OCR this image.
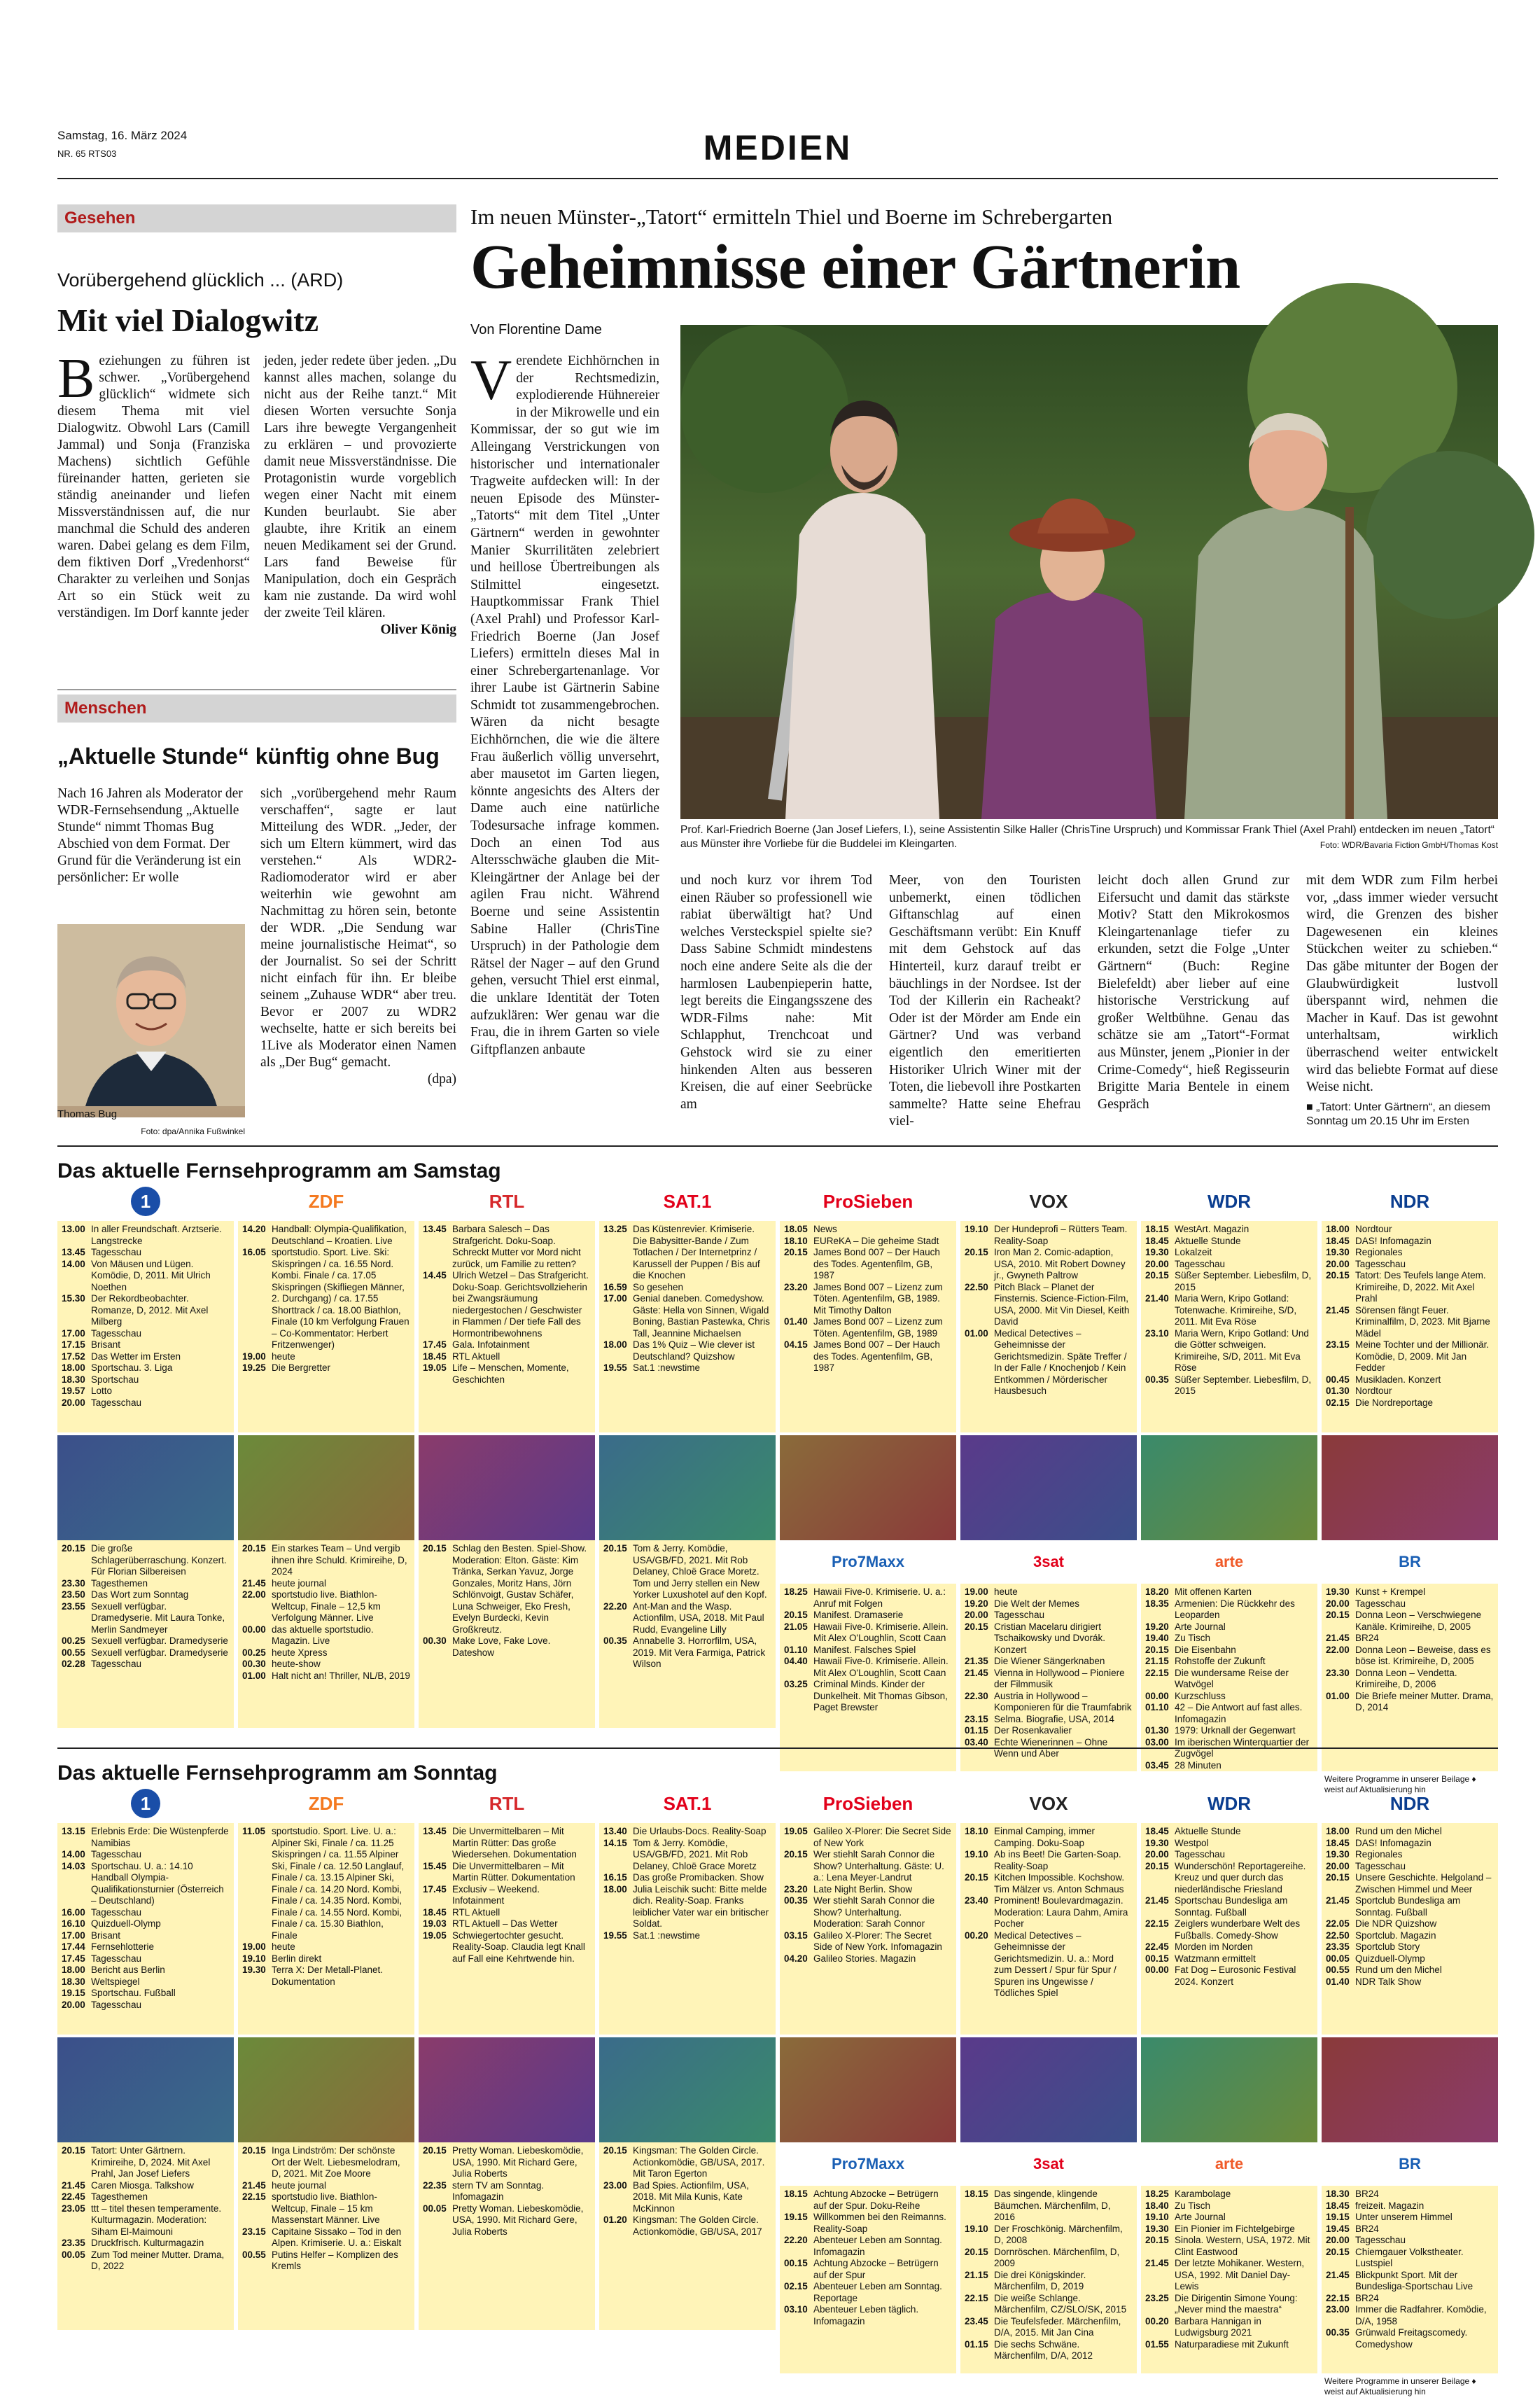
Samstag, 16. März 2024
NR. 65 RTS03	MEDIEN
Gesehen
Vorübergehend glücklich ... (ARD)
Mit viel Dialogwitz
Beziehungen zu führen ist schwer. „Vorübergehend glücklich“ widmete sich diesem Thema mit viel Dialogwitz. Obwohl Lars (Camill Jammal) und Sonja (Franziska Machens) sichtlich Gefühle füreinander hatten, gerieten sie ständig aneinander und liefen Missverständnissen auf, die nur manchmal die Schuld des anderen waren. Dabei gelang es dem Film, dem fiktiven Dorf „Vredenhorst“ Charakter zu verleihen und Sonjas Art so ein Stück weit zu verständigen. Im Dorf kannte jeder
jeden, jeder redete über jeden. „Du kannst alles machen, solange du nicht aus der Reihe tanzt.“ Mit diesen Worten versuchte Sonja Lars ihre bewegte Vergangenheit zu erklären – und provozierte damit neue Missverständnisse. Die Protagonistin wurde vorgeblich wegen einer Nacht mit einem Kunden beurlaubt. Sie aber glaubte, ihre Kritik an einem neuen Medikament sei der Grund. Lars fand Beweise für Manipulation, doch ein Gespräch kam nie zustande. Da wird wohl der zweite Teil klären.
Oliver König
Menschen
„Aktuelle Stunde“ künftig ohne Bug
Nach 16 Jahren als Moderator der WDR-Fernsehsendung „Aktuelle Stunde“ nimmt Thomas Bug Abschied von dem Format. Der Grund für die Veränderung ist ein persönlicher: Er wolle
sich „vorübergehend mehr Raum verschaffen“, sagte er laut Mitteilung des WDR. „Jeder, der sich um Eltern kümmert, wird das verstehen.“ Als WDR2-Radiomoderator wird er aber weiterhin wie gewohnt am Nachmittag zu hören sein, betonte der WDR. „Die Sendung war meine journalistische Heimat“, so der Journalist. So sei der Schritt nicht einfach für ihn. Er bleibe seinem „Zuhause WDR“ aber treu. Bevor er 2007 zu WDR2 wechselte, hatte er sich bereits bei 1Live als Moderator einen Namen als „Der Bug“ gemacht.
(dpa)
Thomas Bug
Foto: dpa/Annika Fußwinkel
Im neuen Münster-„Tatort“ ermitteln Thiel und Boerne im Schrebergarten
Geheimnisse einer Gärtnerin
Von Florentine Dame
Verendete Eichhörnchen in der Rechtsmedizin, explodierende Hühnereier in der Mikrowelle und ein Kommissar, der so gut wie im Alleingang Verstrickungen von historischer und internationaler Tragweite aufdecken will: In der neuen Episode des Münster-„Tatorts“ mit dem Titel „Unter Gärtnern“ werden in gewohnter Manier Skurrilitäten zelebriert und heillose Übertreibungen als Stilmittel eingesetzt. Hauptkommissar Frank Thiel (Axel Prahl) und Professor Karl-Friedrich Boerne (Jan Josef Liefers) ermitteln dieses Mal in einer Schrebergartenanlage. Vor ihrer Laube ist Gärtnerin Sabine Schmidt tot zusammengebrochen. Wären da nicht besagte Eichhörnchen, die wie die ältere Frau äußerlich völlig unversehrt, aber mausetot im Garten liegen, könnte angesichts des Alters der Dame auch eine natürliche Todesursache infrage kommen. Doch an einen Tod aus Altersschwäche glauben die Mit-Kleingärtner der Anlage bei der agilen Frau nicht. Während Boerne und seine Assistentin Sabine Haller (ChrisTine Urspruch) in der Pathologie dem Rätsel der Nager – auf den Grund gehen, versucht Thiel erst einmal, die unklare Identität der Toten aufzuklären: Wer genau war die Frau, die in ihrem Garten so viele Giftpflanzen anbaute
Prof. Karl-Friedrich Boerne (Jan Josef Liefers, l.), seine Assistentin Silke Haller (ChrisTine Urspruch) und Kommissar Frank Thiel (Axel Prahl) entdecken im neuen „Tatort“ aus Münster ihre Vorliebe für die Buddelei im Kleingarten.	Foto: WDR/Bavaria Fiction GmbH/Thomas Kost
und noch kurz vor ihrem Tod einen Räuber so professionell wie rabiat überwältigt hat? Und welches Versteckspiel spielte sie? Dass Sabine Schmidt mindestens noch eine andere Seite als die der harmlosen Laubenpieperin hatte, legt bereits die Eingangsszene des WDR-Films nahe: Mit Schlapphut, Trenchcoat und Gehstock wird sie zu einer hinkenden Alten aus besseren Kreisen, die auf einer Seebrücke am
Meer, von den Touristen unbemerkt, einen tödlichen Giftanschlag auf einen Geschäftsmann verübt: Ein Knuff mit dem Gehstock auf das Hinterteil, kurz darauf treibt er bäuchlings in der Nordsee. Ist der Tod der Killerin ein Racheakt? Oder ist der Mörder am Ende ein Gärtner? Und was verband eigentlich den emeritierten Historiker Ulrich Winer mit der Toten, die liebevoll ihre Postkarten sammelte? Hatte seine Ehefrau viel-
leicht doch allen Grund zur Eifersucht und damit das stärkste Motiv? Statt den Mikrokosmos Kleingartenanlage tiefer zu erkunden, setzt die Folge „Unter Gärtnern“ (Buch: Regine Bielefeldt) aber lieber auf eine historische Verstrickung auf großer Weltbühne. Genau das schätze sie am „Tatort“-Format aus Münster, jenem „Pionier in der Crime-Comedy“, hieß Regisseurin Brigitte Maria Bentele in einem Gespräch
mit dem WDR zum Film herbei vor, „dass immer wieder versucht wird, die Grenzen des bisher Dagewesenen ein kleines Stückchen weiter zu schieben.“ Das gäbe mitunter der Bogen der Glaubwürdigkeit lustvoll überspannt wird, nehmen die Macher in Kauf. Das ist gewohnt unterhaltsam, wirklich überraschend weiter entwickelt wird das beliebte Format auf diese Weise nicht.
■ „Tatort: Unter Gärtnern“, an diesem Sonntag um 20.15 Uhr im Ersten
Das aktuelle Fernsehprogramm am Samstag
1
13.00 In aller Freundschaft. Arztserie. Langstrecke
13.45 Tagesschau
14.00 Von Mäusen und Lügen. Komödie, D, 2011. Mit Ulrich Noethen
15.30 Der Rekordbeobachter. Romanze, D, 2012. Mit Axel Milberg
17.00 Tagesschau
17.15 Brisant
17.52 Das Wetter im Ersten
18.00 Sportschau. 3. Liga
18.30 Sportschau
19.57 Lotto
20.00 Tagesschau
20.15 Die große Schlagerüberraschung. Konzert. Für Florian Silbereisen
23.30 Tagesthemen
23.50 Das Wort zum Sonntag
23.55 Sexuell verfügbar. Dramedyserie. Mit Laura Tonke, Merlin Sandmeyer
00.25 Sexuell verfügbar. Dramedyserie
00.55 Sexuell verfügbar. Dramedyserie
02.28 Tagesschau
ZDF
14.20 Handball: Olympia-Qualifikation, Deutschland – Kroatien. Live
16.05 sportstudio. Sport. Live. Ski: Skispringen / ca. 16.55 Nord. Kombi. Finale / ca. 17.05 Skispringen (Skifliegen Männer, 2. Durchgang) / ca. 17.55 Shorttrack / ca. 18.00 Biathlon, Finale (10 km Verfolgung Frauen – Co-Kommentator: Herbert Fritzenwenger)
19.00 heute
19.25 Die Bergretter
20.15 Ein starkes Team – Und vergib ihnen ihre Schuld. Krimireihe, D, 2024
21.45 heute journal
22.00 sportstudio live. Biathlon-Weltcup, Finale – 12,5 km Verfolgung Männer. Live
00.00 das aktuelle sportstudio. Magazin. Live
00.25 heute Xpress
00.30 heute-show
01.00 Halt nicht an! Thriller, NL/B, 2019
RTL
13.45 Barbara Salesch – Das Strafgericht. Doku-Soap. Schreckt Mutter vor Mord nicht zurück, um Familie zu retten?
14.45 Ulrich Wetzel – Das Strafgericht. Doku-Soap. Gerichtsvollzieherin bei Zwangsräumung niedergestochen / Geschwister in Flammen / Der tiefe Fall des Hormontribewohnens
17.45 Gala. Infotainment
18.45 RTL Aktuell
19.05 Life – Menschen, Momente, Geschichten
20.15 Schlag den Besten. Spiel-Show. Moderation: Elton. Gäste: Kim Tränka, Serkan Yavuz, Jorge Gonzales, Moritz Hans, Jörn Schlönvoigt, Gustav Schäfer, Luna Schweiger, Eko Fresh, Evelyn Burdecki, Kevin Großkreutz.
00.30 Make Love, Fake Love. Dateshow
SAT.1
13.25 Das Küstenrevier. Krimiserie. Die Babysitter-Bande / Zum Totlachen / Der Internetprinz / Karussell der Puppen / Bis auf die Knochen
16.59 So gesehen
17.00 Genial daneben. Comedyshow. Gäste: Hella von Sinnen, Wigald Boning, Bastian Pastewka, Chris Tall, Jeannine Michaelsen
18.00 Das 1% Quiz – Wie clever ist Deutschland? Quizshow
19.55 Sat.1 :newstime
20.15 Tom & Jerry. Komödie, USA/GB/FD, 2021. Mit Rob Delaney, Chloë Grace Moretz. Tom und Jerry stellen ein New Yorker Luxushotel auf den Kopf.
22.20 Ant-Man and the Wasp. Actionfilm, USA, 2018. Mit Paul Rudd, Evangeline Lilly
00.35 Annabelle 3. Horrorfilm, USA, 2019. Mit Vera Farmiga, Patrick Wilson
ProSieben
18.05 News
18.10 EUReKA – Die geheime Stadt
20.15 James Bond 007 – Der Hauch des Todes. Agentenfilm, GB, 1987
23.20 James Bond 007 – Lizenz zum Töten. Agentenfilm, GB, 1989. Mit Timothy Dalton
01.40 James Bond 007 – Lizenz zum Töten. Agentenfilm, GB, 1989
04.15 James Bond 007 – Der Hauch des Todes. Agentenfilm, GB, 1987
Pro7Maxx
18.25 Hawaii Five-0. Krimiserie. U. a.: Anruf mit Folgen
20.15 Manifest. Dramaserie
21.05 Hawaii Five-0. Krimiserie. Allein. Mit Alex O'Loughlin, Scott Caan
01.10 Manifest. Falsches Spiel
04.40 Hawaii Five-0. Krimiserie. Allein. Mit Alex O'Loughlin, Scott Caan
03.25 Criminal Minds. Kinder der Dunkelheit. Mit Thomas Gibson, Paget Brewster
VOX
19.10 Der Hundeprofi – Rütters Team. Reality-Soap
20.15 Iron Man 2. Comic-adaption, USA, 2010. Mit Robert Downey jr., Gwyneth Paltrow
22.50 Pitch Black – Planet der Finsternis. Science-Fiction-Film, USA, 2000. Mit Vin Diesel, Keith David
01.00 Medical Detectives – Geheimnisse der Gerichtsmedizin. Späte Treffer / In der Falle / Knochenjob / Kein Entkommen / Mörderischer Hausbesuch
3sat
19.00 heute
19.20 Die Welt der Memes
20.00 Tagesschau
20.15 Cristian Macelaru dirigiert Tschaikowsky und Dvorák. Konzert
21.35 Die Wiener Sängerknaben
21.45 Vienna in Hollywood – Pioniere der Filmmusik
22.30 Austria in Hollywood – Komponieren für die Traumfabrik
23.15 Selma. Biografie, USA, 2014
01.15 Der Rosenkavalier
03.40 Echte Wienerinnen – Ohne Wenn und Aber
WDR
18.15 WestArt. Magazin
18.45 Aktuelle Stunde
19.30 Lokalzeit
20.00 Tagesschau
20.15 Süßer September. Liebesfilm, D, 2015
21.40 Maria Wern, Kripo Gotland: Totenwache. Krimireihe, S/D, 2011. Mit Eva Röse
23.10 Maria Wern, Kripo Gotland: Und die Götter schweigen. Krimireihe, S/D, 2011. Mit Eva Röse
00.35 Süßer September. Liebesfilm, D, 2015
arte
18.20 Mit offenen Karten
18.35 Armenien: Die Rückkehr des Leoparden
19.20 Arte Journal
19.40 Zu Tisch
20.15 Die Eisenbahn
21.15 Rohstoffe der Zukunft
22.15 Die wundersame Reise der Watvögel
00.00 Kurzschluss
01.10 42 – Die Antwort auf fast alles. Infomagazin
01.30 1979: Urknall der Gegenwart
03.00 Im iberischen Winterquartier der Zugvögel
03.45 28 Minuten
NDR
18.00 Nordtour
18.45 DAS! Infomagazin
19.30 Regionales
20.00 Tagesschau
20.15 Tatort: Des Teufels lange Atem. Krimireihe, D, 2022. Mit Axel Prahl
21.45 Sörensen fängt Feuer. Kriminalfilm, D, 2023. Mit Bjarne Mädel
23.15 Meine Tochter und der Millionär. Komödie, D, 2009. Mit Jan Fedder
00.45 Musikladen. Konzert
01.30 Nordtour
02.15 Die Nordreportage
BR
19.30 Kunst + Krempel
20.00 Tagesschau
20.15 Donna Leon – Verschwiegene Kanäle. Krimireihe, D, 2005
21.45 BR24
22.00 Donna Leon – Beweise, dass es böse ist. Krimireihe, D, 2005
23.30 Donna Leon – Vendetta. Krimireihe, D, 2006
01.00 Die Briefe meiner Mutter. Drama, D, 2014
Weitere Programme in unserer Beilage ♦ weist auf Aktualisierung hin
Das aktuelle Fernsehprogramm am Sonntag
1
13.15 Erlebnis Erde: Die Wüstenpferde Namibias
14.00 Tagesschau
14.03 Sportschau. U. a.: 14.10 Handball Olympia-Qualifikationsturnier (Österreich – Deutschland)
16.00 Tagesschau
16.10 Quizduell-Olymp
17.00 Brisant
17.44 Fernsehlotterie
17.45 Tagesschau
18.00 Bericht aus Berlin
18.30 Weltspiegel
19.15 Sportschau. Fußball
20.00 Tagesschau
20.15 Tatort: Unter Gärtnern. Krimireihe, D, 2024. Mit Axel Prahl, Jan Josef Liefers
21.45 Caren Miosga. Talkshow
22.45 Tagesthemen
23.05 ttt – titel thesen temperamente. Kulturmagazin. Moderation: Siham El-Maimouni
23.35 Druckfrisch. Kulturmagazin
00.05 Zum Tod meiner Mutter. Drama, D, 2022
ZDF
11.05 sportstudio. Sport. Live. U. a.: Alpiner Ski, Finale / ca. 11.25 Skispringen / ca. 11.55 Alpiner Ski, Finale / ca. 12.50 Langlauf, Finale / ca. 13.15 Alpiner Ski, Finale / ca. 14.20 Nord. Kombi, Finale / ca. 14.35 Nord. Kombi, Finale / ca. 14.55 Nord. Kombi, Finale / ca. 15.30 Biathlon, Finale
19.00 heute
19.10 Berlin direkt
19.30 Terra X: Der Metall-Planet. Dokumentation
20.15 Inga Lindström: Der schönste Ort der Welt. Liebesmelodram, D, 2021. Mit Zoe Moore
21.45 heute journal
22.15 sportstudio live. Biathlon-Weltcup, Finale – 15 km Massenstart Männer. Live
23.15 Capitaine Sissako – Tod in den Alpen. Krimiserie. U. a.: Eiskalt
00.55 Putins Helfer – Komplizen des Kremls
RTL
13.45 Die Unvermittelbaren – Mit Martin Rütter: Das große Wiedersehen. Dokumentation
15.45 Die Unvermittelbaren – Mit Martin Rütter. Dokumentation
17.45 Exclusiv – Weekend. Infotainment
18.45 RTL Aktuell
19.03 RTL Aktuell – Das Wetter
19.05 Schwiegertochter gesucht. Reality-Soap. Claudia legt Knall auf Fall eine Kehrtwende hin.
20.15 Pretty Woman. Liebeskomödie, USA, 1990. Mit Richard Gere, Julia Roberts
22.35 stern TV am Sonntag. Infomagazin
00.05 Pretty Woman. Liebeskomödie, USA, 1990. Mit Richard Gere, Julia Roberts
SAT.1
13.40 Die Urlaubs-Docs. Reality-Soap
14.15 Tom & Jerry. Komödie, USA/GB/FD, 2021. Mit Rob Delaney, Chloë Grace Moretz
16.15 Das große Promibacken. Show
18.00 Julia Leischik sucht: Bitte melde dich. Reality-Soap. Franks leiblicher Vater war ein britischer Soldat.
19.55 Sat.1 :newstime
20.15 Kingsman: The Golden Circle. Actionkomödie, GB/USA, 2017. Mit Taron Egerton
23.00 Bad Spies. Actionfilm, USA, 2018. Mit Mila Kunis, Kate McKinnon
01.20 Kingsman: The Golden Circle. Actionkomödie, GB/USA, 2017
ProSieben
19.05 Galileo X-Plorer: Die Secret Side of New York
20.15 Wer stiehlt Sarah Connor die Show? Unterhaltung. Gäste: U. a.: Lena Meyer-Landrut
23.20 Late Night Berlin. Show
00.35 Wer stiehlt Sarah Connor die Show? Unterhaltung. Moderation: Sarah Connor
03.15 Galileo X-Plorer: The Secret Side of New York. Infomagazin
04.20 Galileo Stories. Magazin
Pro7Maxx
18.15 Achtung Abzocke – Betrügern auf der Spur. Doku-Reihe
19.15 Willkommen bei den Reimanns. Reality-Soap
22.20 Abenteuer Leben am Sonntag. Infomagazin
00.15 Achtung Abzocke – Betrügern auf der Spur
02.15 Abenteuer Leben am Sonntag. Reportage
03.10 Abenteuer Leben täglich. Infomagazin
VOX
18.10 Einmal Camping, immer Camping. Doku-Soap
19.10 Ab ins Beet! Die Garten-Soap. Reality-Soap
20.15 Kitchen Impossible. Kochshow. Tim Mälzer vs. Anton Schmaus
23.40 Prominent! Boulevardmagazin. Moderation: Laura Dahm, Amira Pocher
00.20 Medical Detectives – Geheimnisse der Gerichtsmedizin. U. a.: Mord zum Dessert / Spur für Spur / Spuren ins Ungewisse / Tödliches Spiel
3sat
18.15 Das singende, klingende Bäumchen. Märchenfilm, D, 2016
19.10 Der Froschkönig. Märchenfilm, D, 2008
20.15 Dornröschen. Märchenfilm, D, 2009
21.15 Die drei Königskinder. Märchenfilm, D, 2019
22.15 Die weiße Schlange. Märchenfilm, CZ/SLO/SK, 2015
23.45 Die Teufelsfeder. Märchenfilm, D/A, 2015. Mit Jan Cina
01.15 Die sechs Schwäne. Märchenfilm, D/A, 2012
WDR
18.45 Aktuelle Stunde
19.30 Westpol
20.00 Tagesschau
20.15 Wunderschön! Reportagereihe. Kreuz und quer durch das niederländische Friesland
21.45 Sportschau Bundesliga am Sonntag. Fußball
22.15 Zeiglers wunderbare Welt des Fußballs. Comedy-Show
22.45 Morden im Norden
00.15 Watzmann ermittelt
00.00 Fat Dog – Eurosonic Festival 2024. Konzert
arte
18.25 Karambolage
18.40 Zu Tisch
19.10 Arte Journal
19.30 Ein Pionier im Fichtelgebirge
20.15 Sinola. Western, USA, 1972. Mit Clint Eastwood
21.45 Der letzte Mohikaner. Western, USA, 1992. Mit Daniel Day-Lewis
23.25 Die Dirigentin Simone Young: „Never mind the maestra“
00.20 Barbara Hannigan in Ludwigsburg 2021
01.55 Naturparadiese mit Zukunft
NDR
18.00 Rund um den Michel
18.45 DAS! Infomagazin
19.30 Regionales
20.00 Tagesschau
20.15 Unsere Geschichte. Helgoland – Zwischen Himmel und Meer
21.45 Sportclub Bundesliga am Sonntag. Fußball
22.05 Die NDR Quizshow
22.50 Sportclub. Magazin
23.35 Sportclub Story
00.05 Quizduell-Olymp
00.55 Rund um den Michel
01.40 NDR Talk Show
BR
18.30 BR24
18.45 freizeit. Magazin
19.15 Unter unserem Himmel
19.45 BR24
20.00 Tagesschau
20.15 Chiemgauer Volkstheater. Lustspiel
21.45 Blickpunkt Sport. Mit der Bundesliga-Sportschau Live
22.15 BR24
23.00 Immer die Radfahrer. Komödie, D/A, 1958
00.35 Grünwald Freitagscomedy. Comedyshow
Weitere Programme in unserer Beilage ♦ weist auf Aktualisierung hin
